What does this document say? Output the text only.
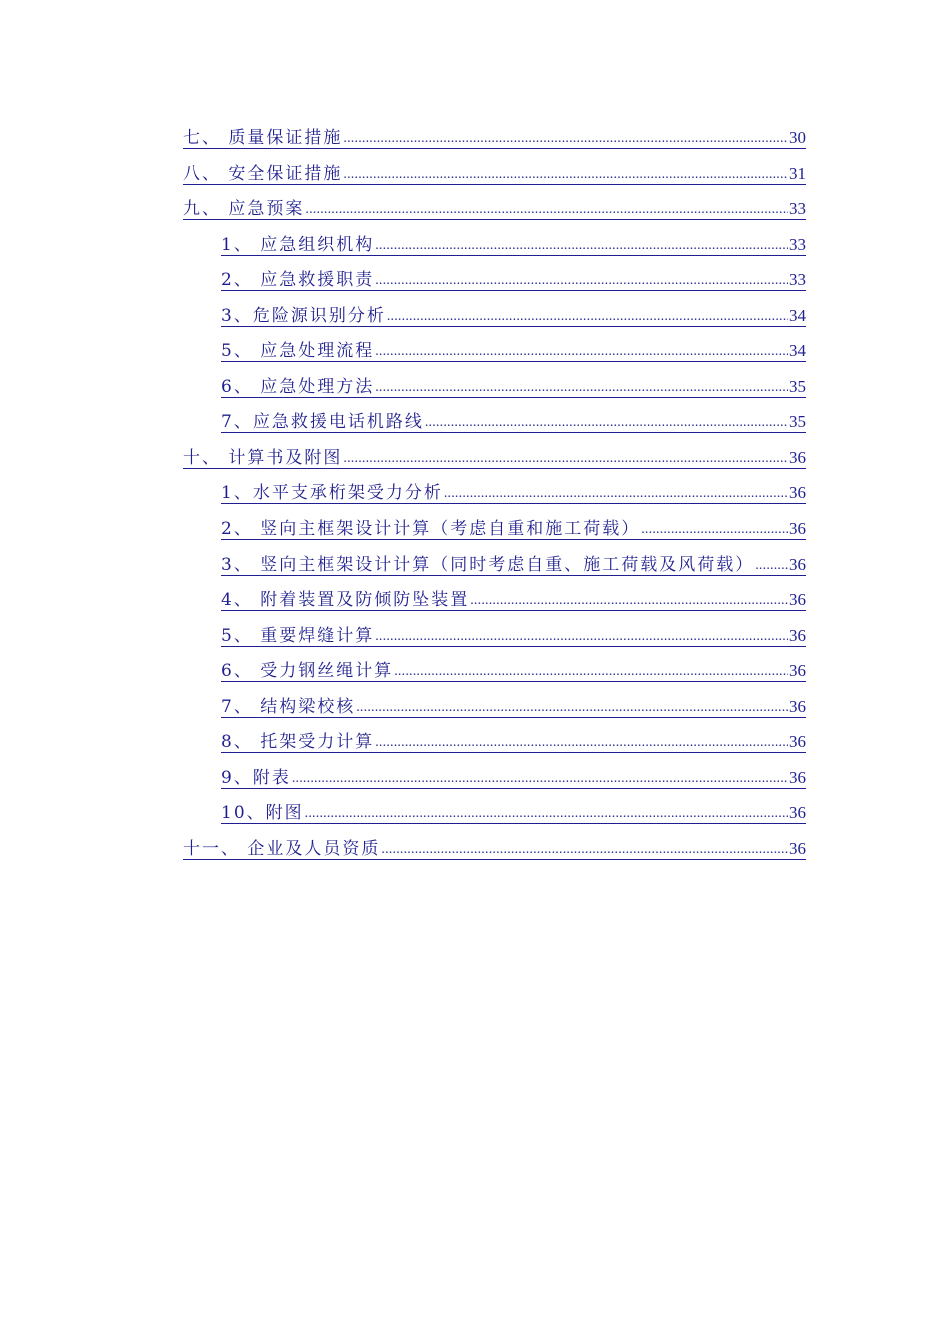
七、 质量保证措施 .....	30
八、 安全保证措施 .....	31
九、 应急预案 .....	33
1、 应急组织机构 .....	33
2、 应急救援职责 .....	33
3、危险源识别分析 .....	34
5、 应急处理流程 .....	34
6、 应急处理方法 .....	35
7、应急救援电话机路线 .....	35
十、 计算书及附图 .....	36
1、水平支承桁架受力分析 .....	36
2、 竖向主框架设计计算（考虑自重和施工荷载） .....	36
3、 竖向主框架设计计算（同时考虑自重、施工荷载及风荷载） ..... 36
4、 附着装置及防倾防坠装置 .....	36
5、 重要焊缝计算 .....	36
6、 受力钢丝绳计算 .....	36
7、 结构梁校核 .....	36
8、 托架受力计算 .....	36
9、附表 .....	36
10、附图 .....	36
十一、 企业及人员资质 .....	36
